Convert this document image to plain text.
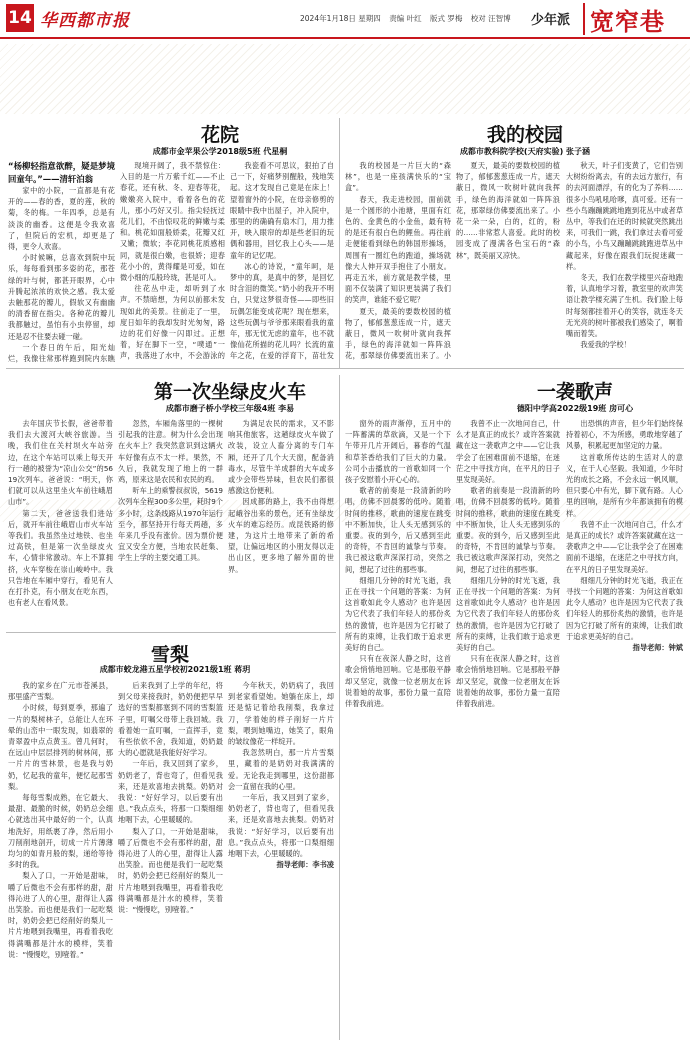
14 华西都市报	2024年1月18日 星期四 责编 叶红 版式 罗梅 校对 汪智博	少年派 宽窄巷
花院
成都市金苹果公学2018级5班 代星桐

“杨柳轻指意欲醉，疑是梦境回童年。”——清轩泊翁

家中的小院，一直都是有花开的——春的香，夏的莲，秋的菊，冬的梅。一年四季，总是有淡淡的幽香。这便是令我欢喜了，但院后的宏机，却更是了得，更令人欢喜。

小时候嘛，总喜欢到院中玩乐，每每看到那多姿的花，那苍绿的叶与树，都甚开眼界，心中升腾起浓浓的欢快之感。我太爱去触那花的瓣儿，假软又有幽幽的清香留在指尖。各种花的瓣儿我都触过，虽怕有小虫停留，却还是忍不住要去碰一碰。

一个春日的午后，阳光灿烂，我像往常那样跑到院内东瞧

现境开阔了，我不禁惊住：入目的是一片万紫千红——不止春花，还有秋、冬、迎春等花，嫩嫩亮入院中，看着各色的花儿，那小巧好又引。指尖轻抚过花儿们，不由惊叹花的鲜嫩与柔和。桃花如面般娇柔，花瓣又红又嫩；微软；李花同桃花质感相同，就是很白嫩，也很娇；迎春花小小的，黄得耀是可爱，如在微小细的瓜般玲珑，甚是可人。

往花丛中走，却听到了水声。不禁暗想，为何以前都未发现如此的美景。往前走了一里，度日如年的我却发时光匆匆，路边的花们好像一闪即过。正想着，好在脚下一空，“噗通”一声，我落进了水中，不会游泳的

我瓷看不可思议，狠拍了自己一下，好痛梦别醒般，残地笑起。这才发现自己竟是在床上！望着窗外的小院，在母亲修剪的眼睛中我中出屋子，冲入院中，那里的的确确有扇木门，用力推开，映入眼帘的却是些老旧的玩偶和器用，回忆我上心头——是童年的记忆呢。

冰心的诗说，“童年呵，是梦中的真，是真中的梦，是回忆时含泪的微笑。”奶小的我开不明白，只觉这梦很奇怪——即些旧玩偶怎能变成花呢？现在想来，这些玩偶与爷爷那来眼看我的童年，那无忧无虑的童年，也不就像仙花所描的花儿吗？长流的童年之花，在爱的浮育下，苗壮发

我的校园
成都市教科院学校(天府实验) 张子涵

我的校园是一片巨大的“森林”，也是一座孩满快乐的“宝盒”。

春天，我走进校园，面前就是一个圆形的小池塘，里面有红色的、金黄色的小金鱼，最有特的是还有很白色的鲤鱼。再往前走便能看到绿色的韩国形操场，周围有一圈红色的跑道，操场就像大人伸开双手抱住了小朋友。再走五米，前方就是教学楼，里面不仅装满了知识更装满了我们的笑声，谁能不爱它呢？

夏天，最美的要数校园的植物了，郁郁葱葱连成一片，遮天蔽日，微风一吹树叶就向我挥手，绿色的海洋就如一阵阵浪花，那翠绿仿佛要流出来了。小

夏天，最美的要数校园的植物了，郁郁葱葱连成一片，遮天蔽日，微风一吹树叶就向我挥手，绿色的海洋就如一阵阵浪花，那翠绿仿佛要流出来了。小花一朵一朵，白的，红的，粉的……非常惹人喜爱。此时的校园变成了漫满各色宝石的“森林”，既美丽又凉快。

秋天，叶子们变黄了，它们告别大树纷纷离去，有的去远方旅行，有的去河面漂浮，有的化为了养料……很多小鸟吼吼哈嗲，真可爱。还有一些小鸟蹦蹦跳跳地跑到花丛中或者草丛中，等我们在还的时候就突然跳出来，可我们一跳，我们拿过去看可爱的小鸟，小鸟又蹦蹦跳跳跑进草丛中藏起来，好像在跟我们玩捉迷藏一样。

冬天，我们在教学楼里兴奋地跑着，认真地学习着，教室里的欢声笑语让教学楼充满了生机。我们脸上每时每刻都挂着开心的笑容，就连冬天无光亮的树叶都被我们感染了，啊着嘴而着笑。

我爱我的学校！

第一次坐绿皮火车
成都市磨子桥小学校三年级4班 李易

去年国庆节长假，爸爸带着我们去大渡河大峡谷旅游。当晚，我们住在关村坝火车站旁边，在这个车站可以乘上每天开行一趟的被誉为“凉山公交”的5619次列车。爸爸说：“明天，你们就可以从这里坐火车前往峨眉山市”。

第二天，爸爸送我们进站后，就开车前往峨眉山市火车站等我们。我虽然坐过地铁、也坐过高铁，但是第一次坐绿皮火车，心情非常激动。车上不算拥挤，火车穿梭在崇山峻岭中。我只告地在车厢中穿行，看见有人在打扑克，有小朋友在吃东西，也有老人在看风景。

忽然，车厢角落里的一棵树引起我的注意。树为什么会出现在火车上？我突然意识到这辆火车好像有点不太一样。果然，不久后，我就发现了地上的一群鸡，原来这是农民和农民的鸡。

听车上的乘警叔叔说，5619次列车全程300多公里，耗时9个多小时，这条线路从1970年运行至今，都坚持开行每天两趟，多年来几乎没有涨价。因为票价便宜又安全方便，当地农民赶集、学生上学的主要交通工具。

为满足农民的需求，又不影响其他旅客，这趟绿皮火车做了改装，设立人畜分离的专门车厢，还开了几个大天窗，配备消毒水，尽管牛羊成群的大车或多或少会带些异味，但农民们都很感激这份便利。

因成都的路上，我不由得想起峨谷出来的景色，还有坐绿皮火车的难忘经历。成昆铁路的修建，为这片土地带来了新的希望，让偏远地区的小朋友得以走出山区，更多地了解外面的世界。

一袭歌声
德阳中学高2022级19班 房可心

窗外的雨声渐停，五月中的一阵蓄满的草欲滴，又是一个下午带开几片开阔后，暮春的气温和草茶香给我们了巨大的力量。公司小击播放的一首歌如同一个孩子安慰着小开心心的。

歌者的前奏是一段清新的吟唱，仿佛不回晨雾的低吟。随着时间的推移，歌曲的速度在跳变中不断加快，让人头无感到乐的重要。夜的到今，后又感到至此的奇特，不肯回的诚挚与节奏。我已被这歌声深深打动，突然之间，想起了过往的那些事。

细细几分钟的时光飞逝，我正在寻找一个问题的答案：为何这首歌如此令人感动？也许是因为它代表了我们年轻人的那份炙热的激情，也许是因为它打破了所有的束缚，让我们敢于追求更美好的自己。

只有在夜深人静之时，这首歌会悄悄地回响。它是那般平静却又坚定，就像一位老朋友在诉说着她的故事，那份力量一直陪伴着我前进。

我曾不止一次地问自己，什么才是真正的成长？或许答案就藏在这一袭歌声之中——它让我学会了在困难面前不退缩，在迷茫之中寻找方向，在平凡的日子里发现美好。

歌者的前奏是一段清新的吟唱，仿佛不回晨雾的低吟。随着时间的推移，歌曲的速度在跳变中不断加快，让人头无感到乐的重要。夜的到今，后又感到至此的奇特，不肯回的诚挚与节奏。我已被这歌声深深打动，突然之间，想起了过往的那些事。

细细几分钟的时光飞逝，我正在寻找一个问题的答案：为何这首歌如此令人感动？也许是因为它代表了我们年轻人的那份炙热的激情，也许是因为它打破了所有的束缚，让我们敢于追求更美好的自己。

只有在夜深人静之时，这首歌会悄悄地回响。它是那般平静却又坚定，就像一位老朋友在诉说着她的故事，那份力量一直陪伴着我前进。

出恐惧的声音，但少年们始终保持着初心，不为所感，勇敢地穿越了风暴，积累起更加坚定的力量。

这首歌所传达的生活对人的意义，在于人心坚毅。我知道，少年时光的成长之路，不会永远一帆风顺，但只要心中有光，脚下就有路。人心里的回响，是所有少年都该拥有的模样。

我曾不止一次地问自己，什么才是真正的成长？或许答案就藏在这一袭歌声之中——它让我学会了在困难面前不退缩，在迷茫之中寻找方向，在平凡的日子里发现美好。

细细几分钟的时光飞逝，我正在寻找一个问题的答案：为何这首歌如此令人感动？也许是因为它代表了我们年轻人的那份炙热的激情，也许是因为它打破了所有的束缚，让我们敢于追求更美好的自己。

指导老师：钟斌

雪梨
成都市蛟龙港五星学校初2021级1班 蒋玥

我的家乡在广元市苍溪县，那里盛产雪梨。

小时候，每到夏季，那遍了一片的梨树林子，总能让人在环晕的山峦中一眼发现，如翡翠的青翠盈中点点黄玉。曾几何时，在远山中层层排列的树林间，那一片片的雪林景，也是我与奶奶，忆起我的童年，便忆起那雪梨。

每每雪梨成熟，在它最大、最甜、最脆的时候，奶奶总会细心就选出其中最好的一个，认真地洗好，用纸裹了净，然后用小刀削削地剖开，切成一片片薄薄均匀的如青月般的梨，递给等待多时的我。

梨入了口，一开始是甜味，嚼了后微也不会有那样的甜，甜得沁进了人的心里，甜得让人露出笑脸。而也便是我们一起吃梨时，奶奶会把已经削好的梨儿一片片地喂到我嘴里，再看着我吃得满嘴都是汁水的模样，笑着说：“慢慢吃，别噎着。”

后来我到了上学的年纪，将到父母来接我时，奶奶便把早早选好的雪梨都塞到不同的雪梨篮子里，叮嘱父母带上我回城。我看着她一直叮嘱，一直挥手，竟有些依依不舍，我知道，奶奶最大的心愿就是我能好好学习。

一年后，我又回到了家乡，奶奶老了，背也弯了，但看见我来，还是欢喜地去挑梨。奶奶对我说：“好好学习，以后要有出息。”我点点头，将那一口梨细细地咽下去，心里暖暖的。

梨入了口，一开始是甜味，嚼了后微也不会有那样的甜，甜得沁进了人的心里，甜得让人露出笑脸。而也便是我们一起吃梨时，奶奶会把已经削好的梨儿一片片地喂到我嘴里，再看着我吃得满嘴都是汁水的模样，笑着说：“慢慢吃，别噎着。”

今年秋天，奶奶病了，我回到老家看望她。她躺在床上，却还是惦记着给我削梨，我拿过刀，学着她的样子削好一片片梨，喂到她嘴边，她笑了，眼角的皱纹像花一样绽开。

我忽然明白，那一片片雪梨里，藏着的是奶奶对我满满的爱。无论我走到哪里，这份甜都会一直留在我的心里。

一年后，我又回到了家乡，奶奶老了，背也弯了，但看见我来，还是欢喜地去挑梨。奶奶对我说：“好好学习，以后要有出息。”我点点头，将那一口梨细细地咽下去，心里暖暖的。

指导老师：李书凌
